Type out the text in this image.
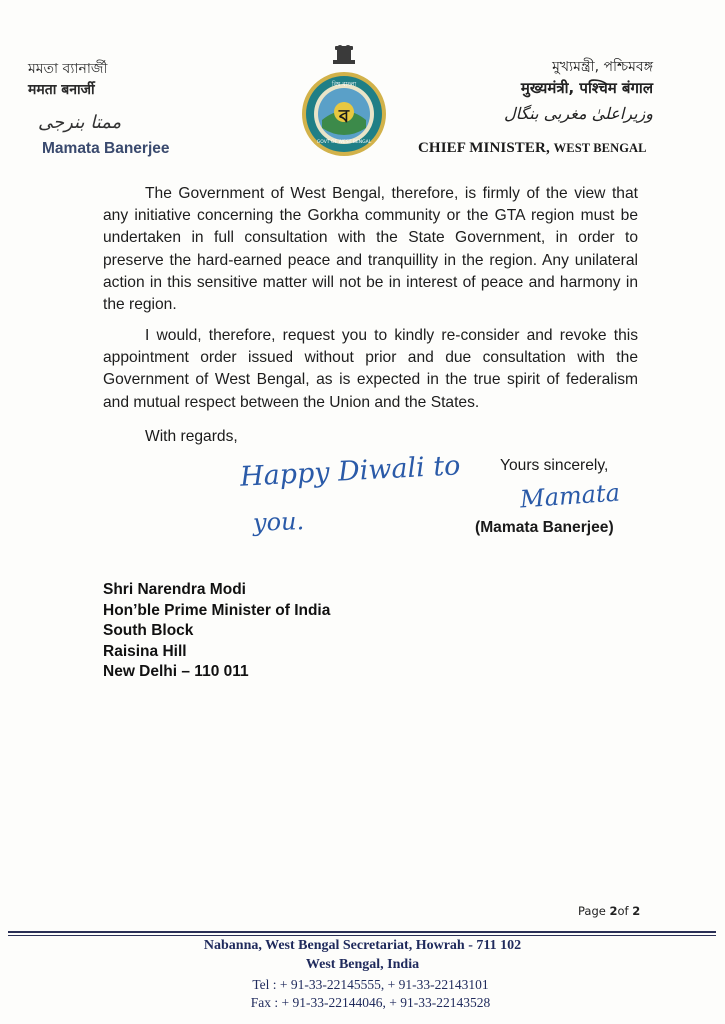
মমতা ব্যানার্জী
ममता बनार्जी
ممتا بنرجی
Mamata Banerjee
বিশ্ব বাংলা
GOVT OF WEST BENGAL
ব
মুখ্যমন্ত্রী, পশ্চিমবঙ্গ
मुख्यमंत्री, पश्चिम बंगाल
وزیراعلیٰ مغربی بنگال
CHIEF MINISTER, WEST BENGAL
The Government of West Bengal, therefore, is firmly of the view that any initiative concerning the Gorkha community or the GTA region must be undertaken in full consultation with the State Government, in order to preserve the hard-earned peace and tranquillity in the region. Any unilateral action in this sensitive matter will not be in interest of peace and harmony in the region.
I would, therefore, request you to kindly re-consider and revoke this appointment order issued without prior and due consultation with the Government of West Bengal, as is expected in the true spirit of federalism and mutual respect between the Union and the States.
With regards,
Yours sincerely,
Happy Diwali to
you.
Mamata
(Mamata Banerjee)
Shri Narendra Modi
Hon’ble Prime Minister of India
South Block
Raisina Hill
New Delhi – 110 011
Page 2of 2
Nabanna, West Bengal Secretariat, Howrah - 711 102
West Bengal, India
Tel : + 91-33-22145555, + 91-33-22143101
Fax : + 91-33-22144046, + 91-33-22143528
